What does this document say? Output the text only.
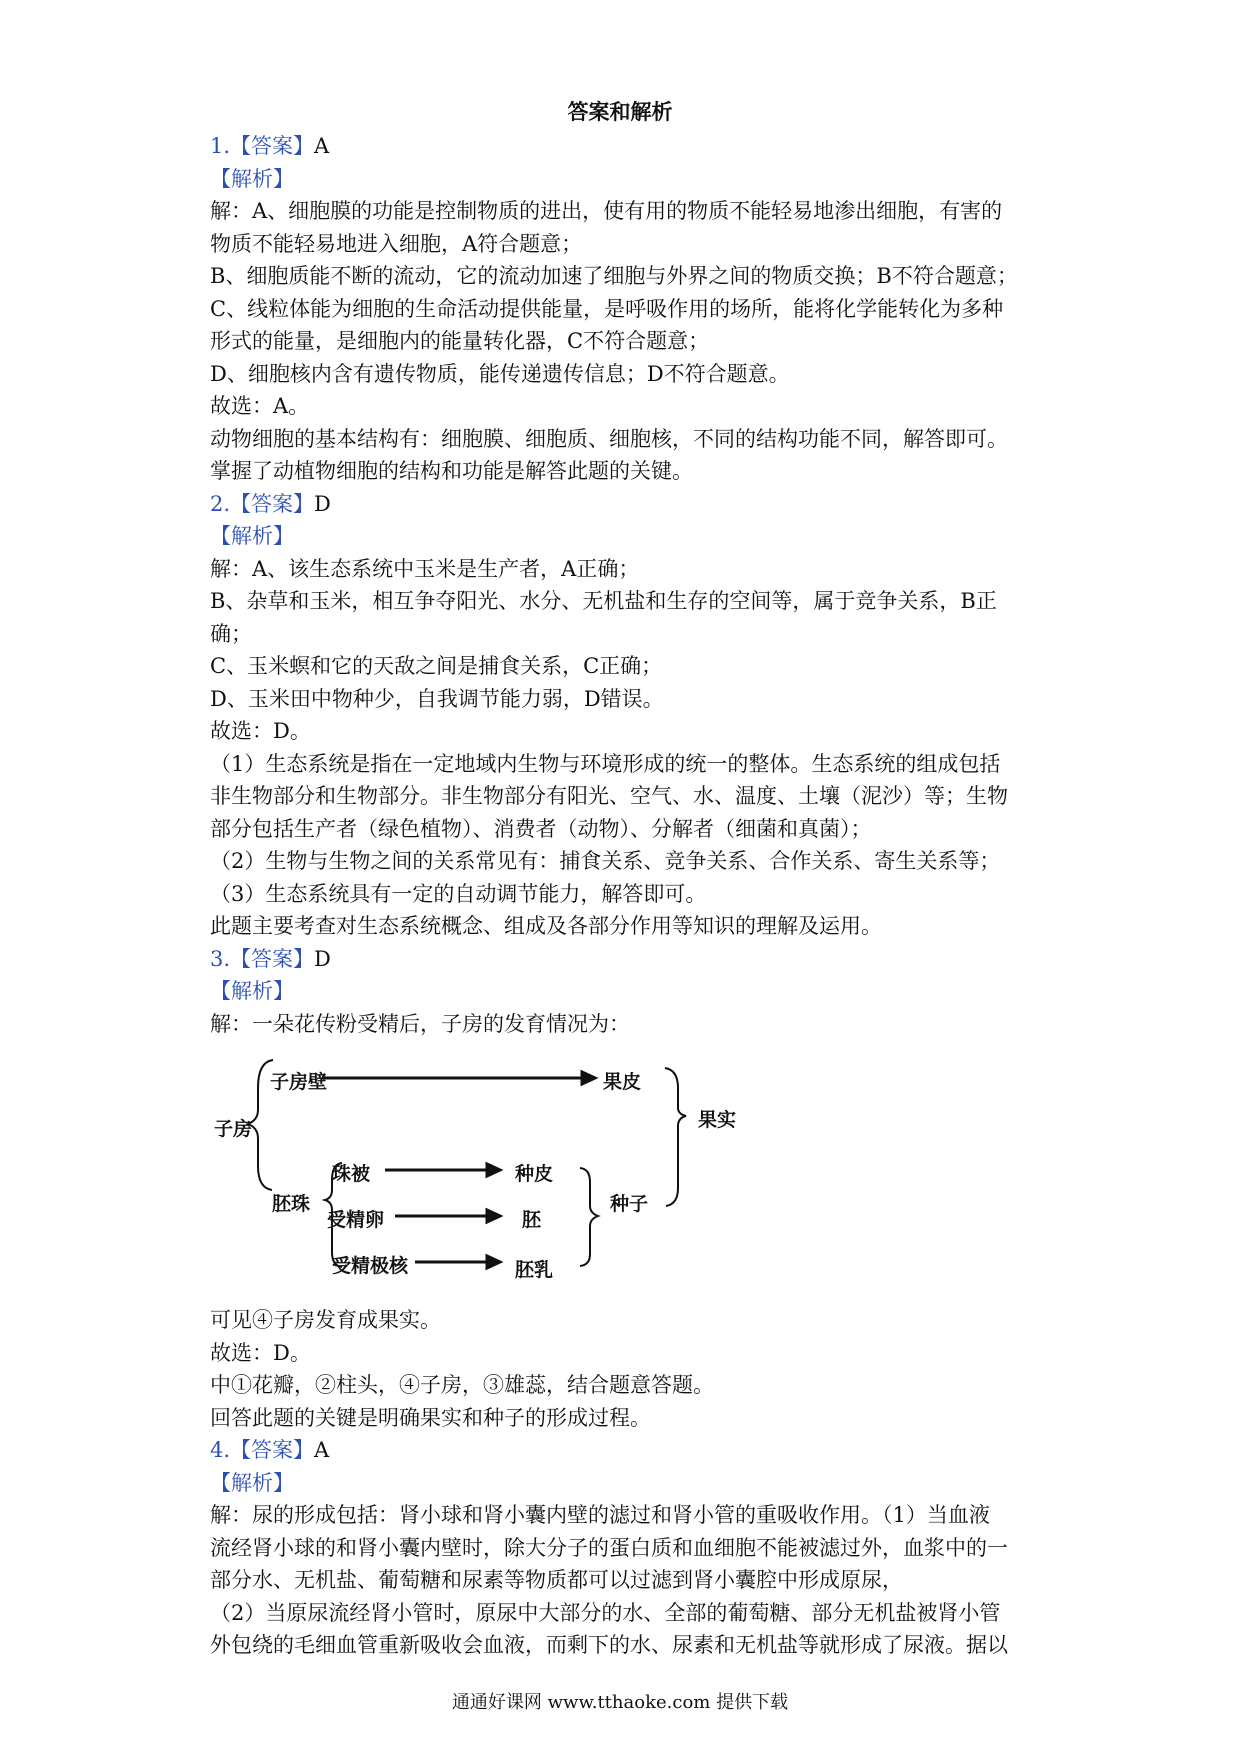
答案和解析
1.【答案】A
【解析】
解：A、细胞膜的功能是控制物质的进出，使有用的物质不能轻易地渗出细胞，有害的
物质不能轻易地进入细胞，A符合题意；
B、细胞质能不断的流动，它的流动加速了细胞与外界之间的物质交换；B不符合题意；
C、线粒体能为细胞的生命活动提供能量，是呼吸作用的场所，能将化学能转化为多种
形式的能量，是细胞内的能量转化器，C不符合题意；
D、细胞核内含有遗传物质，能传递遗传信息；D不符合题意。
故选：A。
动物细胞的基本结构有：细胞膜、细胞质、细胞核，不同的结构功能不同，解答即可。
掌握了动植物细胞的结构和功能是解答此题的关键。
2.【答案】D
【解析】
解：A、该生态系统中玉米是生产者，A正确；
B、杂草和玉米，相互争夺阳光、水分、无机盐和生存的空间等，属于竞争关系，B正
确；
C、玉米螟和它的天敌之间是捕食关系，C正确；
D、玉米田中物种少，自我调节能力弱，D错误。
故选：D。
（1）生态系统是指在一定地域内生物与环境形成的统一的整体。生态系统的组成包括
非生物部分和生物部分。非生物部分有阳光、空气、水、温度、土壤（泥沙）等；生物
部分包括生产者（绿色植物）、消费者（动物）、分解者（细菌和真菌）；
（2）生物与生物之间的关系常见有：捕食关系、竞争关系、合作关系、寄生关系等；
（3）生态系统具有一定的自动调节能力，解答即可。
此题主要考查对生态系统概念、组成及各部分作用等知识的理解及运用。
3.【答案】D
【解析】
解：一朵花传粉受精后，子房的发育情况为：
子房
子房壁	果皮
果实
胚珠
珠被	种皮
受精卵	胚
受精极核	胚乳
种子
可见④子房发育成果实。
故选：D。
中①花瓣，②柱头，④子房，③雄蕊，结合题意答题。
回答此题的关键是明确果实和种子的形成过程。
4.【答案】A
【解析】
解：尿的形成包括：肾小球和肾小囊内壁的滤过和肾小管的重吸收作用。（1）当血液
流经肾小球的和肾小囊内壁时，除大分子的蛋白质和血细胞不能被滤过外，血浆中的一
部分水、无机盐、葡萄糖和尿素等物质都可以过滤到肾小囊腔中形成原尿，
（2）当原尿流经肾小管时，原尿中大部分的水、全部的葡萄糖、部分无机盐被肾小管
外包绕的毛细血管重新吸收会血液，而剩下的水、尿素和无机盐等就形成了尿液。据以
通通好课网 www.tthaoke.com 提供下载
